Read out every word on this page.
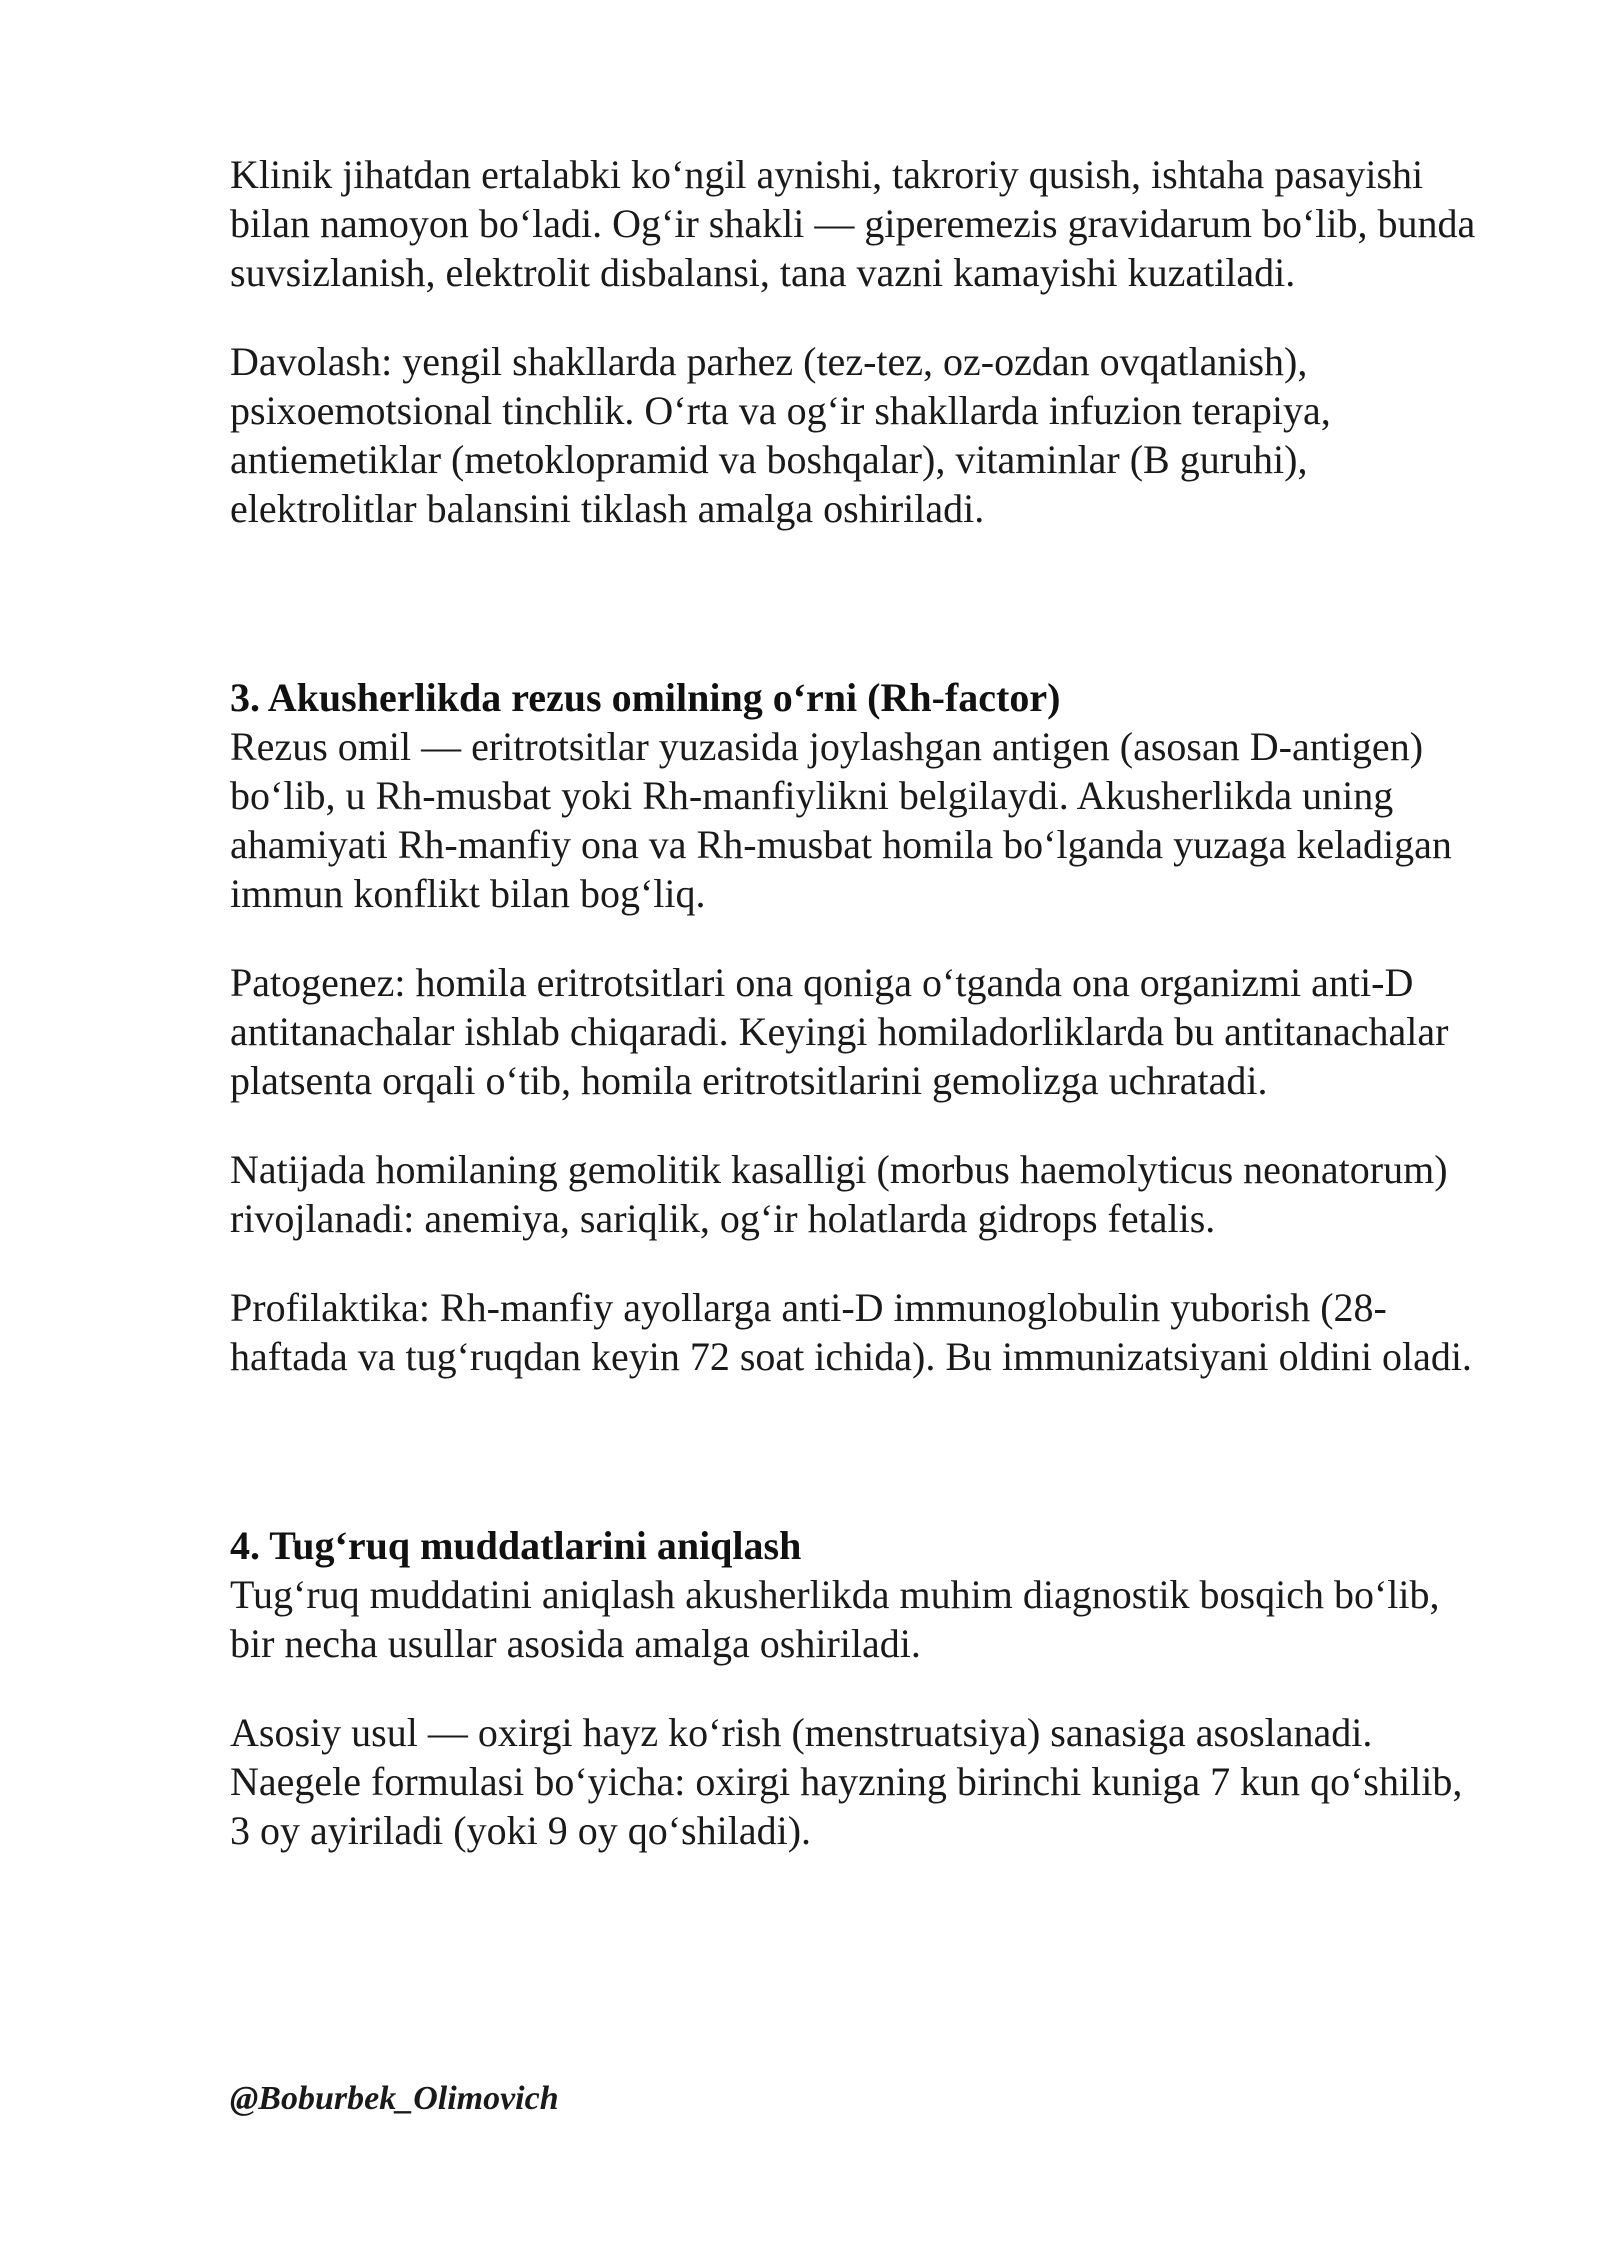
Klinik jihatdan ertalabki ko‘ngil aynishi, takroriy qusish, ishtaha pasayishi bilan namoyon bo‘ladi. Og‘ir shakli — giperemezis gravidarum bo‘lib, bunda suvsizlanish, elektrolit disbalansi, tana vazni kamayishi kuzatiladi.

Davolash: yengil shakllarda parhez (tez-tez, oz-ozdan ovqatlanish), psixoemotsional tinchlik. O‘rta va og‘ir shakllarda infuzion terapiya, antiemetiklar (metoklopramid va boshqalar), vitaminlar (B guruhi), elektrolitlar balansini tiklash amalga oshiriladi.

3. Akusherlikda rezus omilning o‘rni (Rh-factor)

Rezus omil — eritrotsitlar yuzasida joylashgan antigen (asosan D-antigen) bo‘lib, u Rh-musbat yoki Rh-manfiylikni belgilaydi. Akusherlikda uning ahamiyati Rh-manfiy ona va Rh-musbat homila bo‘lganda yuzaga keladigan immun konflikt bilan bog‘liq.

Patogenez: homila eritrotsitlari ona qoniga o‘tganda ona organizmi anti-D antitanachalar ishlab chiqaradi. Keyingi homiladorliklarda bu antitanachalar platsenta orqali o‘tib, homila eritrotsitlarini gemolizga uchratadi.

Natijada homilaning gemolitik kasalligi (morbus haemolyticus neonatorum) rivojlanadi: anemiya, sariqlik, og‘ir holatlarda gidrops fetalis.

Profilaktika: Rh-manfiy ayollarga anti-D immunoglobulin yuborish (28-haftada va tug‘ruqdan keyin 72 soat ichida). Bu immunizatsiyani oldini oladi.

4. Tug‘ruq muddatlarini aniqlash

Tug‘ruq muddatini aniqlash akusherlikda muhim diagnostik bosqich bo‘lib, bir necha usullar asosida amalga oshiriladi.

Asosiy usul — oxirgi hayz ko‘rish (menstruatsiya) sanasiga asoslanadi. Naegele formulasi bo‘yicha: oxirgi hayzning birinchi kuniga 7 kun qo‘shilib, 3 oy ayiriladi (yoki 9 oy qo‘shiladi).

@Boburbek_Olimovich
